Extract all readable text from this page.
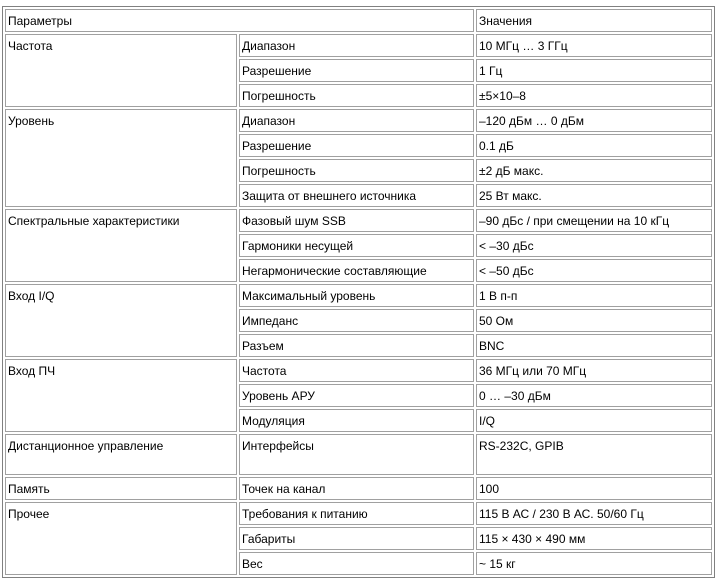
Параметры		Значения
Частота	Диапазон	10 МГц … 3 ГГц
	Разрешение	1 Гц
	Погрешность	±5×10–8
Уровень	Диапазон	–120 дБм … 0 дБм
	Разрешение	0.1 дБ
	Погрешность	±2 дБ макс.
	Защита от внешнего источника	25 Вт макс.
Спектральные характеристики	Фазовый шум SSB	–90 дБс / при смещении на 10 кГц
	Гармоники несущей	< –30 дБс
	Негармонические составляющие	< –50 дБс
Вход I/Q	Максимальный уровень	1 В п-п
	Импеданс	50 Ом
	Разъем	BNC
Вход ПЧ	Частота	36 МГц или 70 МГц
	Уровень АРУ	0 … –30 дБм
	Модуляция	I/Q
Дистанционное управление	Интерфейсы	RS-232C, GPIB
Память	Точек на канал	100
Прочее	Требования к питанию	115 В АС / 230 В АС. 50/60 Гц
	Габариты	115 × 430 × 490 мм
	Вес	~ 15 кг
